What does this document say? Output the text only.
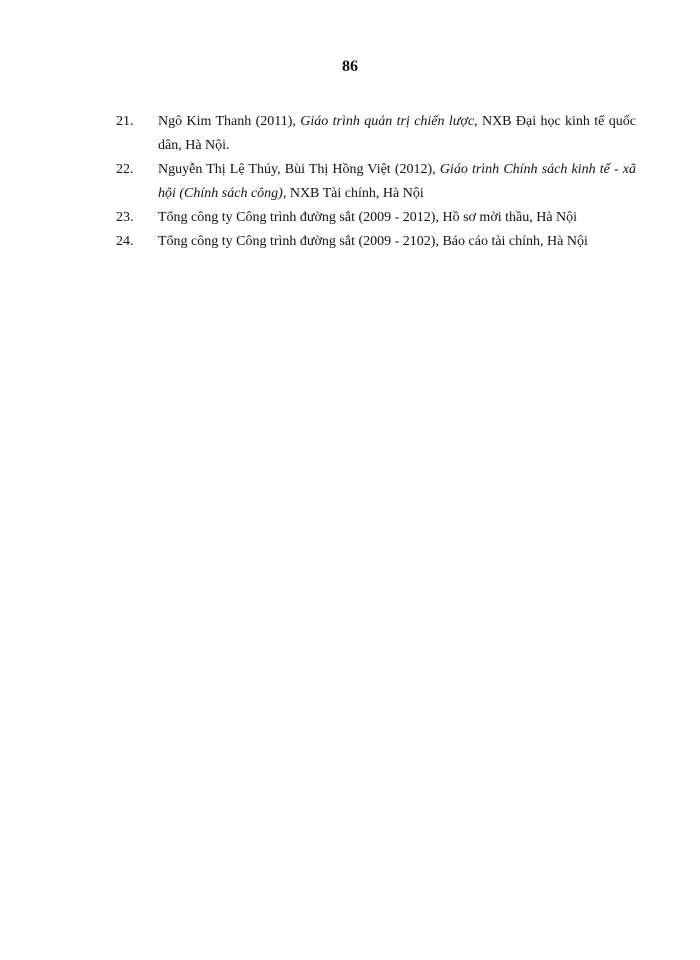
86
21.	Ngô Kim Thanh (2011), Giáo trình quản trị chiến lược, NXB Đại học kinh tế quốc dân, Hà Nội.
22.	Nguyễn Thị Lệ Thúy, Bùi Thị Hồng Việt (2012), Giáo trình Chính sách kinh tế - xã hội (Chính sách công), NXB Tài chính, Hà Nội
23.	Tổng công ty Công trình đường sắt (2009 - 2012), Hồ sơ mời thầu, Hà Nội
24.	Tổng công ty Công trình đường sắt (2009 - 2102), Báo cáo tài chính, Hà Nội
